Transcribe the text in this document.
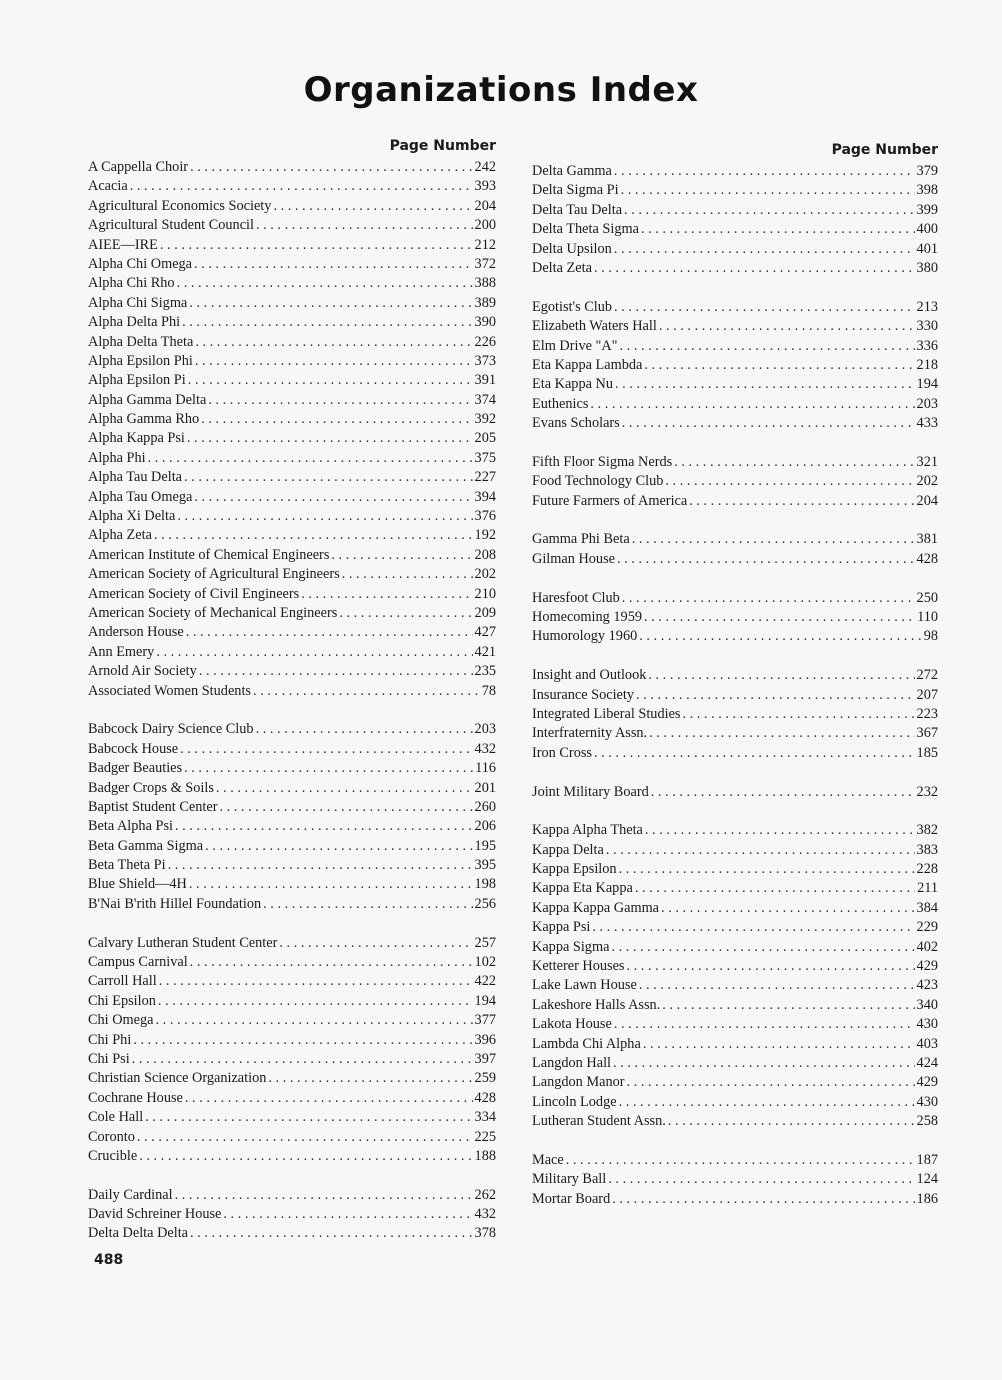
Organizations Index
Page Number
A Cappella Choir . . .	242
Acacia . . .	393
Agricultural Economics Society . . .	204
Agricultural Student Council . . .	200
AIEE—IRE . . .	212
Alpha Chi Omega . . .	372
Alpha Chi Rho . . .	388
Alpha Chi Sigma . . .	389
Alpha Delta Phi . . .	390
Alpha Delta Theta . . .	226
Alpha Epsilon Phi . . .	373
Alpha Epsilon Pi . . .	391
Alpha Gamma Delta . . .	374
Alpha Gamma Rho . . .	392
Alpha Kappa Psi . . .	205
Alpha Phi . . .	375
Alpha Tau Delta . . .	227
Alpha Tau Omega . . .	394
Alpha Xi Delta . . .	376
Alpha Zeta . . .	192
American Institute of Chemical Engineers . . .	208
American Society of Agricultural Engineers . . .	202
American Society of Civil Engineers . . .	210
American Society of Mechanical Engineers . . .	209
Anderson House . . .	427
Ann Emery . . .	421
Arnold Air Society . . .	235
Associated Women Students . . .	78
Babcock Dairy Science Club . . .	203
Babcock House . . .	432
Badger Beauties . . .	116
Badger Crops & Soils . . .	201
Baptist Student Center . . .	260
Beta Alpha Psi . . .	206
Beta Gamma Sigma . . .	195
Beta Theta Pi . . .	395
Blue Shield—4H . . .	198
B'Nai B'rith Hillel Foundation . . .	256
Calvary Lutheran Student Center . . .	257
Campus Carnival . . .	102
Carroll Hall . . .	422
Chi Epsilon . . .	194
Chi Omega . . .	377
Chi Phi . . .	396
Chi Psi . . .	397
Christian Science Organization . . .	259
Cochrane House . . .	428
Cole Hall . . .	334
Coronto . . .	225
Crucible . . .	188
Daily Cardinal . . .	262
David Schreiner House . . .	432
Delta Delta Delta . . .	378
Page Number
Delta Gamma . . .	379
Delta Sigma Pi . . .	398
Delta Tau Delta . . .	399
Delta Theta Sigma . . .	400
Delta Upsilon . . .	401
Delta Zeta . . .	380
Egotist's Club . . .	213
Elizabeth Waters Hall . . .	330
Elm Drive "A" . . .	336
Eta Kappa Lambda . . .	218
Eta Kappa Nu . . .	194
Euthenics . . .	203
Evans Scholars . . .	433
Fifth Floor Sigma Nerds . . .	321
Food Technology Club . . .	202
Future Farmers of America . . .	204
Gamma Phi Beta . . .	381
Gilman House . . .	428
Haresfoot Club . . .	250
Homecoming 1959 . . .	110
Humorology 1960 . . .	98
Insight and Outlook . . .	272
Insurance Society . . .	207
Integrated Liberal Studies . . .	223
Interfraternity Assn. . . .	367
Iron Cross . . .	185
Joint Military Board . . .	232
Kappa Alpha Theta . . .	382
Kappa Delta . . .	383
Kappa Epsilon . . .	228
Kappa Eta Kappa . . .	211
Kappa Kappa Gamma . . .	384
Kappa Psi . . .	229
Kappa Sigma . . .	402
Ketterer Houses . . .	429
Lake Lawn House . . .	423
Lakeshore Halls Assn. . . .	340
Lakota House . . .	430
Lambda Chi Alpha . . .	403
Langdon Hall . . .	424
Langdon Manor . . .	429
Lincoln Lodge . . .	430
Lutheran Student Assn. . . .	258
Mace . . .	187
Military Ball . . .	124
Mortar Board . . .	186
488
